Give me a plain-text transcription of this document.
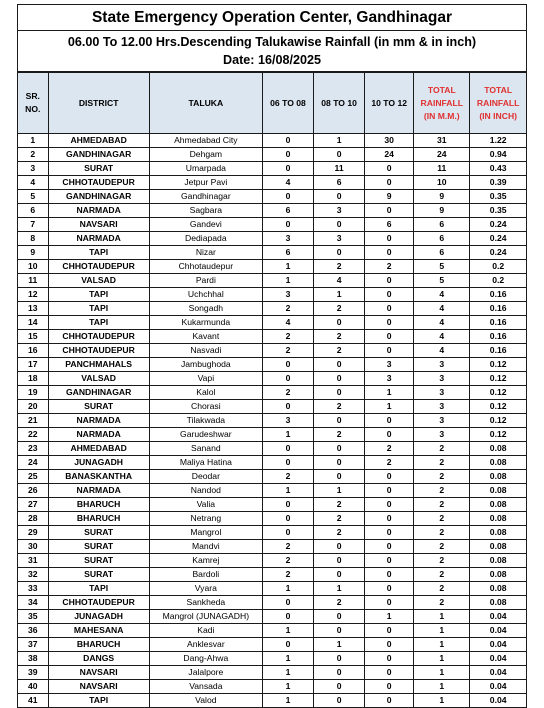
State Emergency Operation Center, Gandhinagar
06.00 To 12.00 Hrs.Descending Talukawise Rainfall (in mm & in inch)
Date: 16/08/2025
SR. NO.	DISTRICT	TALUKA	06 TO 08	08 TO 10	10 TO 12	TOTAL RAINFALL (IN M.M.)	TOTAL RAINFALL (IN INCH)
1	AHMEDABAD	Ahmedabad City	0	1	30	31	1.22
2	GANDHINAGAR	Dehgam	0	0	24	24	0.94
3	SURAT	Umarpada	0	11	0	11	0.43
4	CHHOTAUDEPUR	Jetpur Pavi	4	6	0	10	0.39
5	GANDHINAGAR	Gandhinagar	0	0	9	9	0.35
6	NARMADA	Sagbara	6	3	0	9	0.35
7	NAVSARI	Gandevi	0	0	6	6	0.24
8	NARMADA	Dediapada	3	3	0	6	0.24
9	TAPI	Nizar	6	0	0	6	0.24
10	CHHOTAUDEPUR	Chhotaudepur	1	2	2	5	0.2
11	VALSAD	Pardi	1	4	0	5	0.2
12	TAPI	Uchchhal	3	1	0	4	0.16
13	TAPI	Songadh	2	2	0	4	0.16
14	TAPI	Kukarmunda	4	0	0	4	0.16
15	CHHOTAUDEPUR	Kavant	2	2	0	4	0.16
16	CHHOTAUDEPUR	Nasvadi	2	2	0	4	0.16
17	PANCHMAHALS	Jambughoda	0	0	3	3	0.12
18	VALSAD	Vapi	0	0	3	3	0.12
19	GANDHINAGAR	Kalol	2	0	1	3	0.12
20	SURAT	Chorasi	0	2	1	3	0.12
21	NARMADA	Tilakwada	3	0	0	3	0.12
22	NARMADA	Garudeshwar	1	2	0	3	0.12
23	AHMEDABAD	Sanand	0	0	2	2	0.08
24	JUNAGADH	Maliya Hatina	0	0	2	2	0.08
25	BANASKANTHA	Deodar	2	0	0	2	0.08
26	NARMADA	Nandod	1	1	0	2	0.08
27	BHARUCH	Valia	0	2	0	2	0.08
28	BHARUCH	Netrang	0	2	0	2	0.08
29	SURAT	Mangrol	0	2	0	2	0.08
30	SURAT	Mandvi	2	0	0	2	0.08
31	SURAT	Kamrej	2	0	0	2	0.08
32	SURAT	Bardoli	2	0	0	2	0.08
33	TAPI	Vyara	1	1	0	2	0.08
34	CHHOTAUDEPUR	Sankheda	0	2	0	2	0.08
35	JUNAGADH	Mangrol (JUNAGADH)	0	0	1	1	0.04
36	MAHESANA	Kadi	1	0	0	1	0.04
37	BHARUCH	Anklesvar	0	1	0	1	0.04
38	DANGS	Dang-Ahwa	1	0	0	1	0.04
39	NAVSARI	Jalalpore	1	0	0	1	0.04
40	NAVSARI	Vansada	1	0	0	1	0.04
41	TAPI	Valod	1	0	0	1	0.04
